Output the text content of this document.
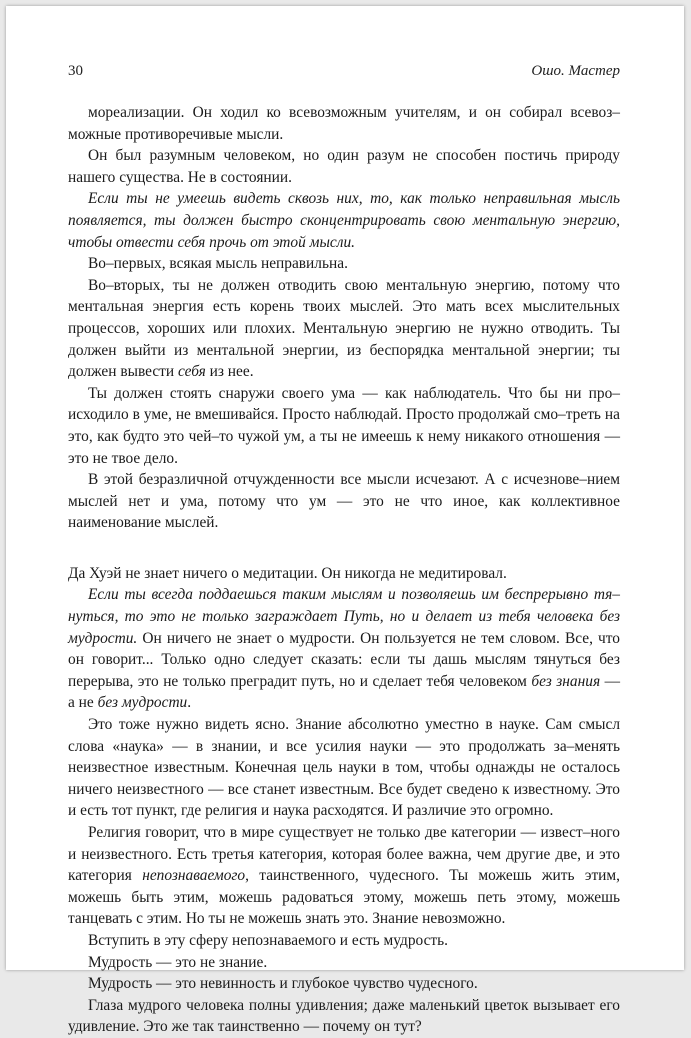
30	Ошо. Мастер

мореализации. Он ходил ко всевозможным учителям, и он собирал всевоз–можные противоречивые мысли.

Он был разумным человеком, но один разум не способен постичь природу нашего существа. Не в состоянии.

Если ты не умеешь видеть сквозь них, то, как только неправильная мысль появляется, ты должен быстро сконцентрировать свою ментальную энергию, чтобы отвести себя прочь от этой мысли.

Во–первых, всякая мысль неправильна.

Во–вторых, ты не должен отводить свою ментальную энергию, потому что ментальная энергия есть корень твоих мыслей. Это мать всех мыслительных процессов, хороших или плохих. Ментальную энергию не нужно отводить. Ты должен выйти из ментальной энергии, из беспорядка ментальной энергии; ты должен вывести себя из нее.

Ты должен стоять снаружи своего ума — как наблюдатель. Что бы ни про–исходило в уме, не вмешивайся. Просто наблюдай. Просто продолжай смо–треть на это, как будто это чей–то чужой ум, а ты не имеешь к нему никакого отношения — это не твое дело.

В этой безразличной отчужденности все мысли исчезают. А с исчезнове–нием мыслей нет и ума, потому что ум — это не что иное, как коллективное наименование мыслей.

Да Хуэй не знает ничего о медитации. Он никогда не медитировал.

Если ты всегда поддаешься таким мыслям и позволяешь им беспрерывно тя–нуться, то это не только заграждает Путь, но и делает из тебя человека без мудрости. Он ничего не знает о мудрости. Он пользуется не тем словом. Все, что он говорит... Только одно следует сказать: если ты дашь мыслям тянуться без перерыва, это не только преградит путь, но и сделает тебя человеком без знания — а не без мудрости.

Это тоже нужно видеть ясно. Знание абсолютно уместно в науке. Сам смысл слова «наука» — в знании, и все усилия науки — это продолжать за–менять неизвестное известным. Конечная цель науки в том, чтобы однажды не осталось ничего неизвестного — все станет известным. Все будет сведено к известному. Это и есть тот пункт, где религия и наука расходятся. И различие это огромно.

Религия говорит, что в мире существует не только две категории — извест–ного и неизвестного. Есть третья категория, которая более важна, чем другие две, и это категория непознаваемого, таинственного, чудесного. Ты можешь жить этим, можешь быть этим, можешь радоваться этому, можешь петь этому, можешь танцевать с этим. Но ты не можешь знать это. Знание невозможно.

Вступить в эту сферу непознаваемого и есть мудрость.

Мудрость — это не знание.

Мудрость — это невинность и глубокое чувство чудесного.

Глаза мудрого человека полны удивления; даже маленький цветок вызывает его удивление. Это же так таинственно — почему он тут?
